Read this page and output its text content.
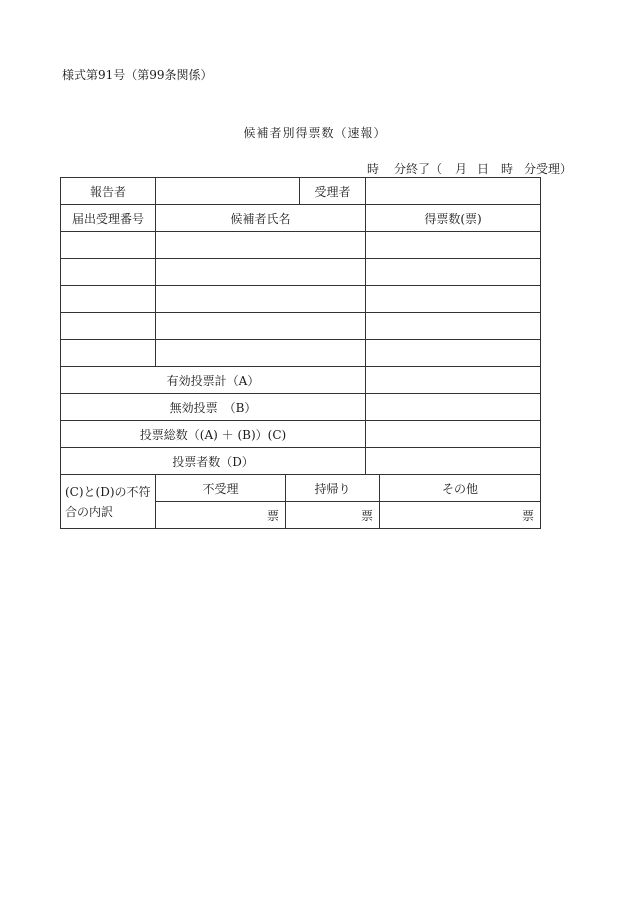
様式第91号（第99条関係）
候補者別得票数（速報）
時 分終了（ 月 日 時 分受理）
報告者			受理者		
届出受理番号	候補者氏名			得票数(票)	

有効投票計（A）					
無効投票　（B）					
投票総数（(A) ＋ (B)）(C)					
投票者数（D）					
(C)と(D)の不符合の内訳	不受理	持帰り			その他
	票	票			票
